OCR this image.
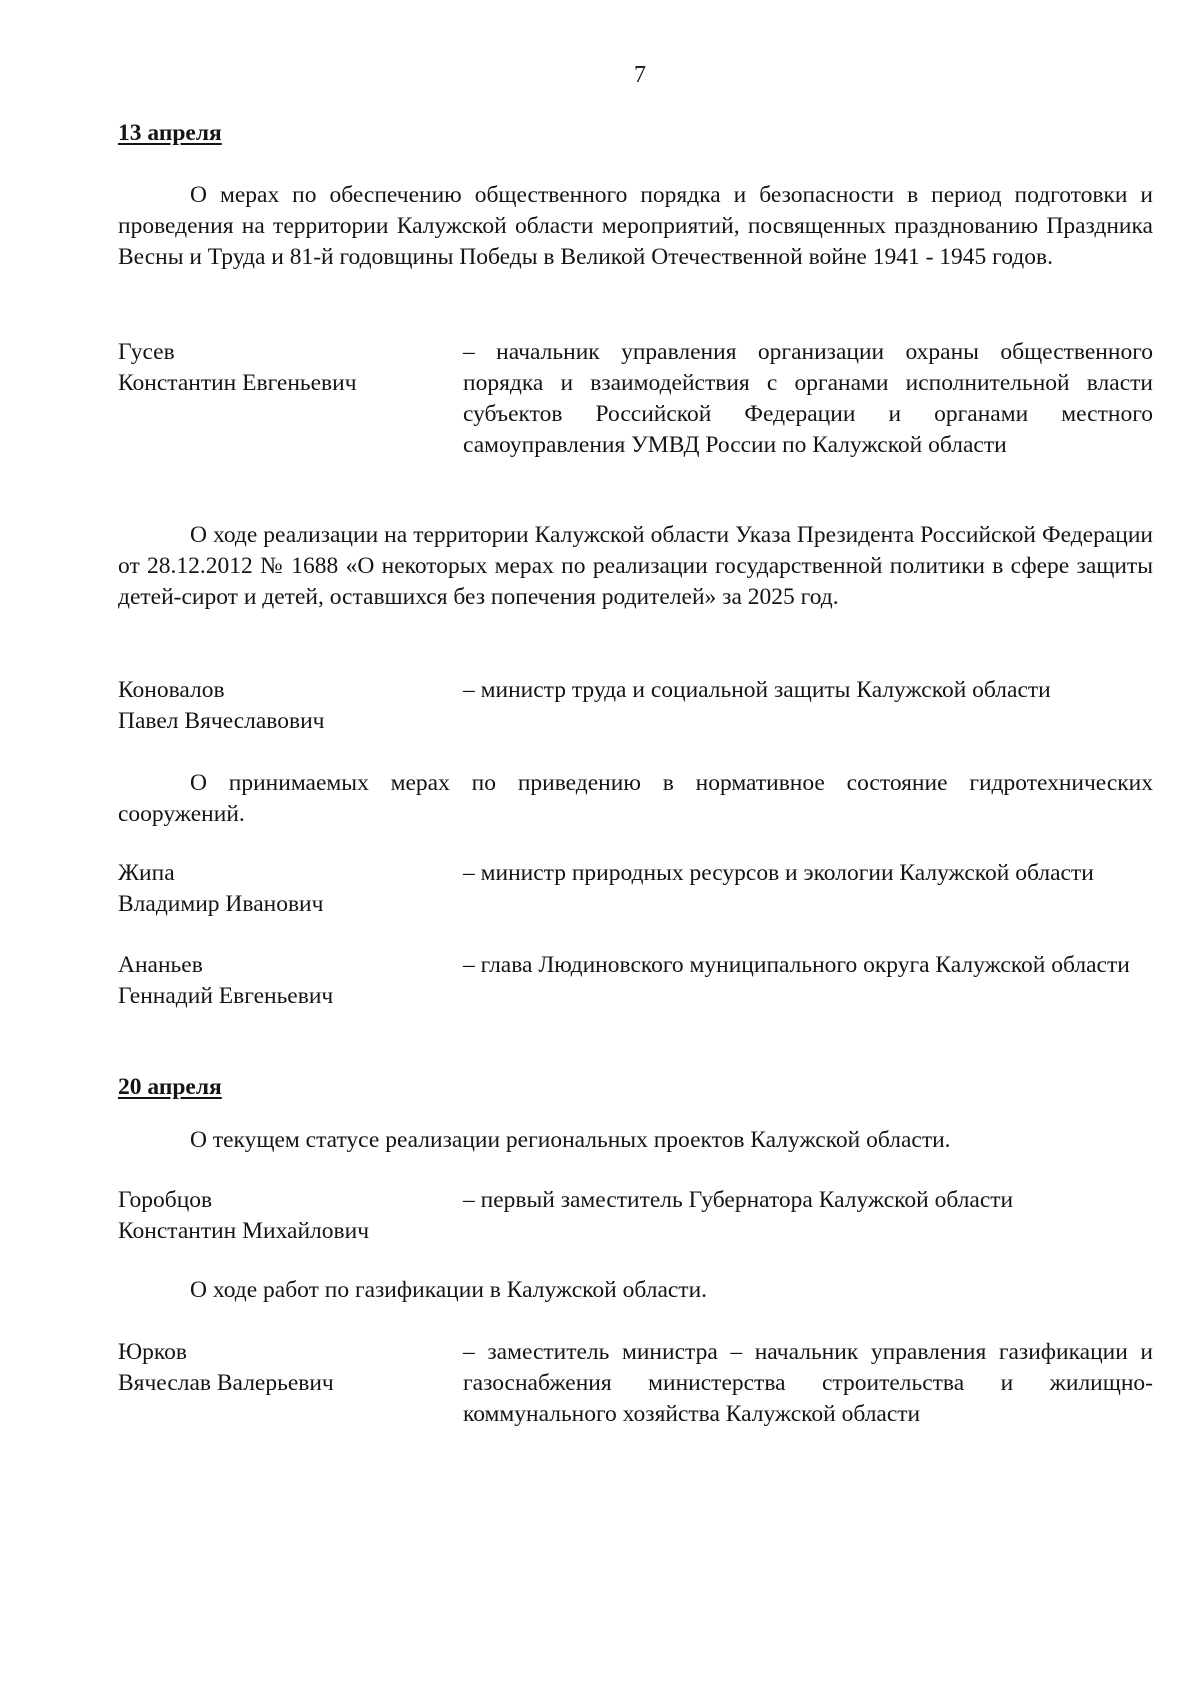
7

13 апреля

О мерах по обеспечению общественного порядка и безопасности в период подготовки и проведения на территории Калужской области мероприятий, посвященных празднованию Праздника Весны и Труда и 81-й годовщины Победы в Великой Отечественной войне 1941 - 1945 годов.

Гусев
Константин Евгеньевич
– начальник управления организации охраны общественного порядка и взаимодействия с органами исполнительной власти субъектов Российской Федерации и органами местного самоуправления УМВД России по Калужской области

О ходе реализации на территории Калужской области Указа Президента Российской Федерации от 28.12.2012 № 1688 «О некоторых мерах по реализации государственной политики в сфере защиты детей-сирот и детей, оставшихся без попечения родителей» за 2025 год.

Коновалов
Павел Вячеславович
– министр труда и социальной защиты Калужской области

О принимаемых мерах по приведению в нормативное состояние гидротехнических сооружений.

Жипа
Владимир Иванович
– министр природных ресурсов и экологии Калужской области
Ананьев
Геннадий Евгеньевич
– глава Людиновского муниципального округа Калужской области

20 апреля

О текущем статусе реализации региональных проектов Калужской области.

Горобцов
Константин Михайлович
– первый заместитель Губернатора Калужской области

О ходе работ по газификации в Калужской области.

Юрков
Вячеслав Валерьевич
– заместитель министра – начальник управления газификации и газоснабжения министерства строительства и жилищно-коммунального хозяйства Калужской области
